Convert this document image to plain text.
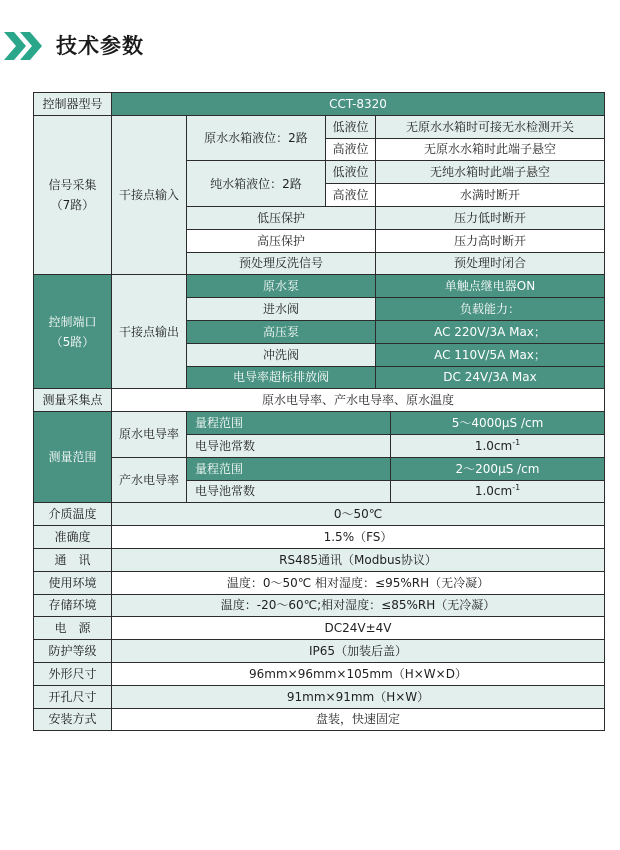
技术参数
控制器型号	CCT-8320				

信号采集
（7路）	干接点输入	原水水箱液位：2路	低液位	无原水水箱时可接无水检测开关	
			高液位	无原水水箱时此端子悬空	
		纯水箱液位：2路	低液位	无纯水箱时此端子悬空	
			高液位	水满时断开	
		低压保护		压力低时断开	
		高压保护		压力高时断开	
		预处理反洗信号		预处理时闭合	

控制端口
（5路）	干接点输出	原水泵		单触点继电器ON	
		进水阀		负载能力：	
		高压泵		AC 220V/3A Max；	
		冲洗阀		AC 110V/5A Max；	
		电导率超标排放阀		DC 24V/3A Max	
测量采集点	原水电导率、产水电导率、原水温度				
测量范围	原水电导率	量程范围			5～4000μS /cm
		电导池常数			$1.0cm^{-1}$
	产水电导率	量程范围			2～200μS /cm
		电导池常数			$1.0cm^{-1}$
介质温度	0～50℃				
准确度	1.5%（FS）				
通　讯	RS485通讯（Modbus协议）				
使用环境	温度：0～50℃ 相对湿度：≤95%RH（无冷凝）				
存储环境	温度：-20～60℃;相对湿度：≤85%RH（无冷凝）				
电　源	DC24V±4V				
防护等级	IP65（加装后盖）				
外形尺寸	96mm×96mm×105mm（H×W×D）				
开孔尺寸	91mm×91mm（H×W）				
安装方式	盘装，快速固定				
